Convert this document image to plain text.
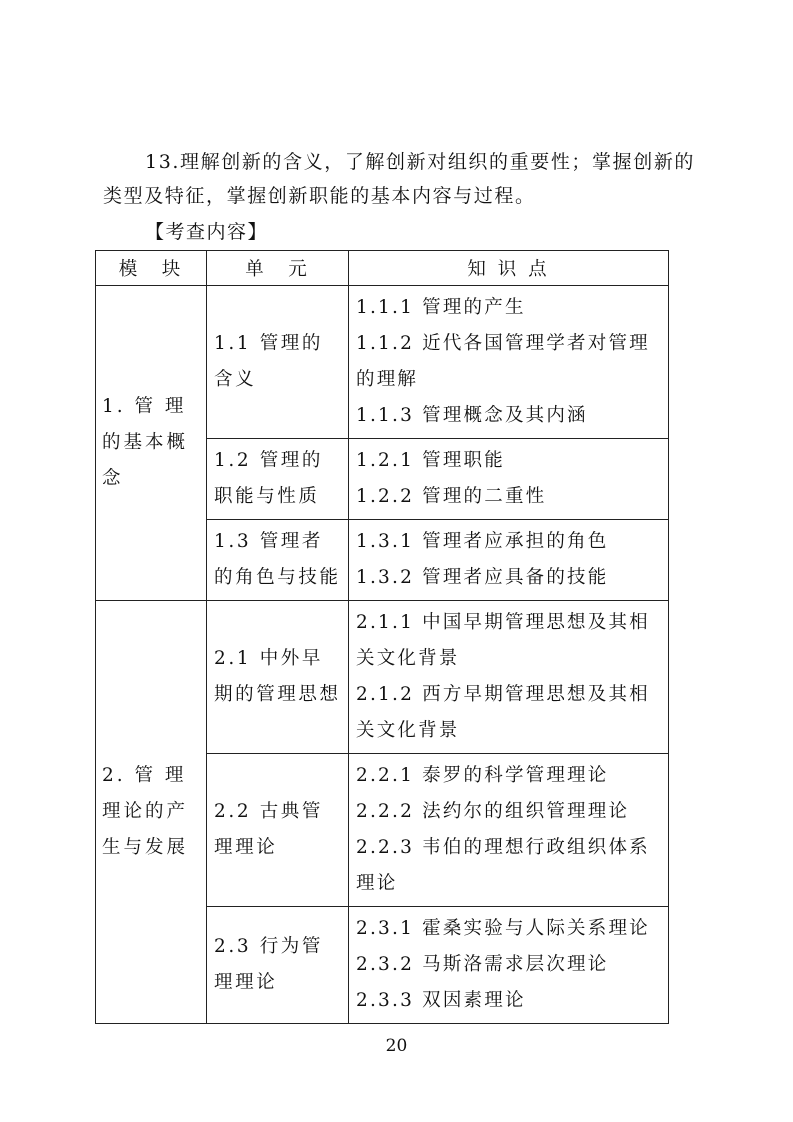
13.理解创新的含义，了解创新对组织的重要性；掌握创新的类型及特征，掌握创新职能的基本内容与过程。

【考查内容】
模　块	单　元	知 识 点
1. 管 理 的基本概念	1.1 管理的含义	1.1.1 管理的产生
1.1.2 近代各国管理学者对管理的理解
1.1.3 管理概念及其内涵

	1.2 管理的职能与性质	1.2.1 管理职能
1.2.2 管理的二重性

	1.3 管理者的角色与技能	1.3.1 管理者应承担的角色
1.3.2 管理者应具备的技能

2. 管 理 理论的产生与发展	2.1 中外早期的管理思想	2.1.1 中国早期管理思想及其相关文化背景
2.1.2 西方早期管理思想及其相关文化背景

	2.2 古典管理理论	2.2.1 泰罗的科学管理理论
2.2.2 法约尔的组织管理理论
2.2.3 韦伯的理想行政组织体系理论

	2.3 行为管理理论	2.3.1 霍桑实验与人际关系理论
2.3.2 马斯洛需求层次理论
2.3.3 双因素理论
20
